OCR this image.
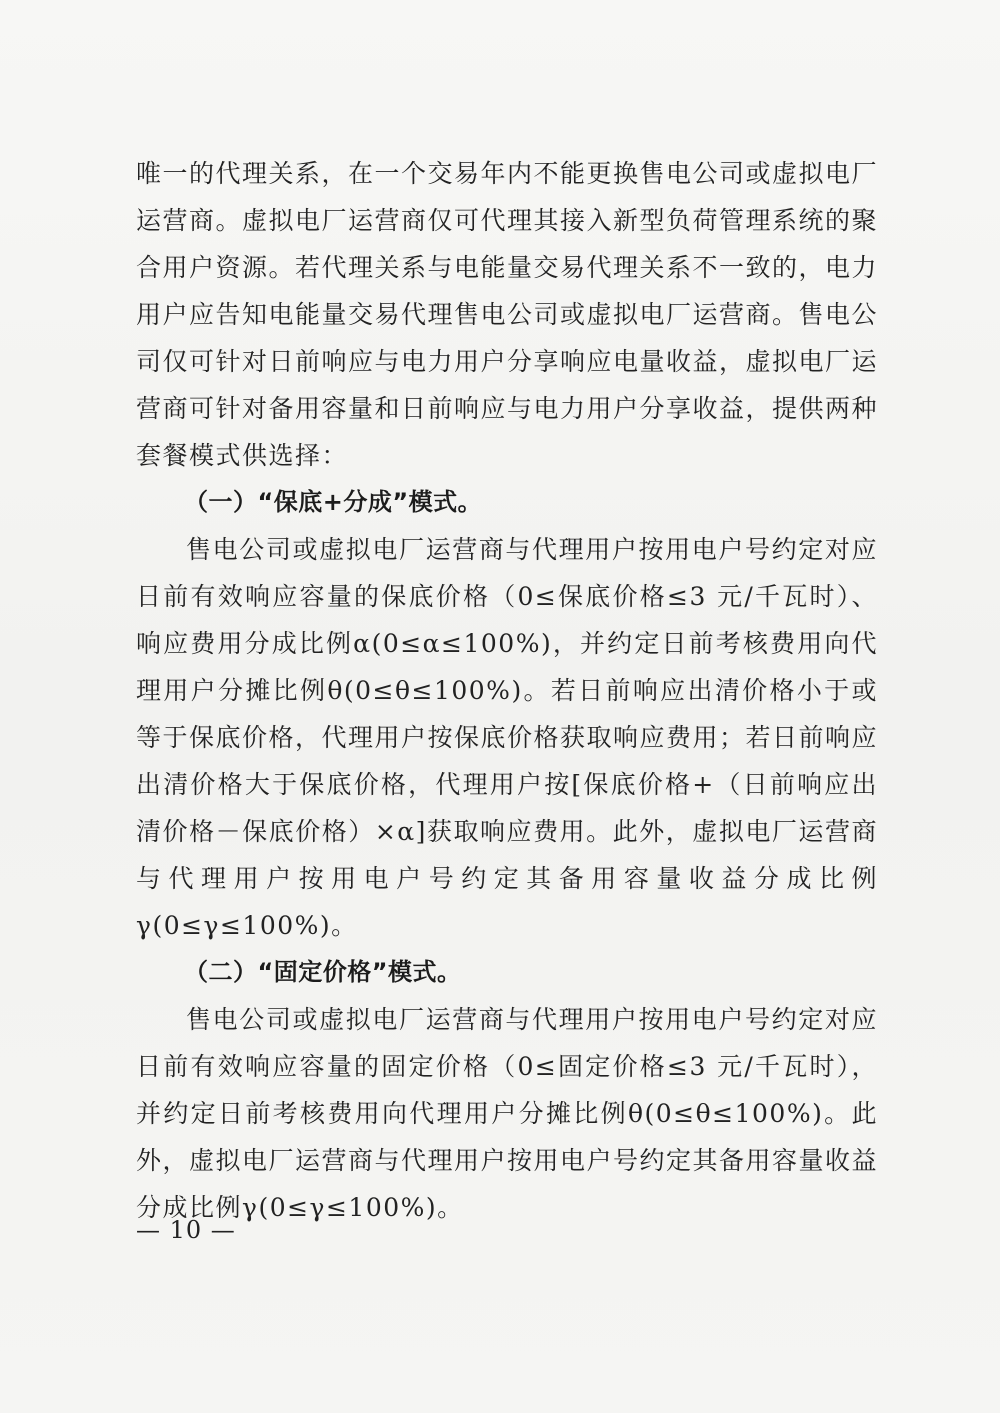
唯一的代理关系，在一个交易年内不能更换售电公司或虚拟电厂运营商。虚拟电厂运营商仅可代理其接入新型负荷管理系统的聚合用户资源。若代理关系与电能量交易代理关系不一致的，电力用户应告知电能量交易代理售电公司或虚拟电厂运营商。售电公司仅可针对日前响应与电力用户分享响应电量收益，虚拟电厂运营商可针对备用容量和日前响应与电力用户分享收益，提供两种套餐模式供选择：

（一）“保底+分成”模式。

售电公司或虚拟电厂运营商与代理用户按用电户号约定对应日前有效响应容量的保底价格（0≤保底价格≤3 元/千瓦时）、响应费用分成比例α(0≤α≤100%)，并约定日前考核费用向代理用户分摊比例θ(0≤θ≤100%)。若日前响应出清价格小于或等于保底价格，代理用户按保底价格获取响应费用；若日前响应出清价格大于保底价格，代理用户按[保底价格+（日前响应出清价格－保底价格）×α]获取响应费用。此外，虚拟电厂运营商与代理用户按用电户号约定其备用容量收益分成比例γ(0≤γ≤100%)。

（二）“固定价格”模式。

售电公司或虚拟电厂运营商与代理用户按用电户号约定对应日前有效响应容量的固定价格（0≤固定价格≤3 元/千瓦时），并约定日前考核费用向代理用户分摊比例θ(0≤θ≤100%)。此外，虚拟电厂运营商与代理用户按用电户号约定其备用容量收益分成比例γ(0≤γ≤100%)。

— 10 —
